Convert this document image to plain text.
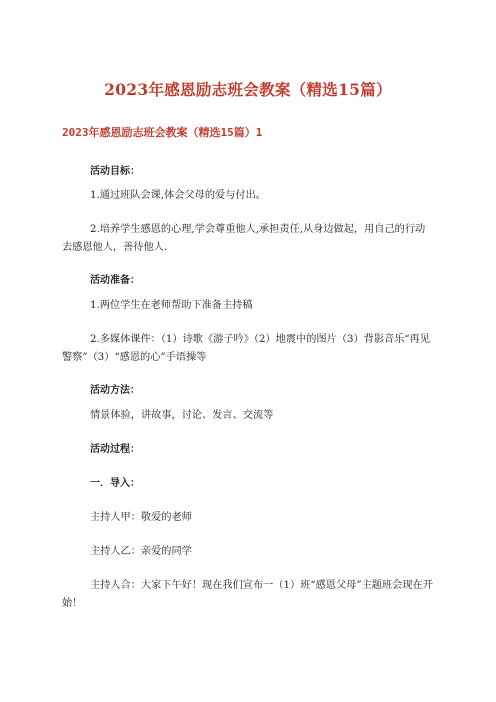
2023年感恩励志班会教案（精选15篇）
2023年感恩励志班会教案（精选15篇）1

活动目标：

1.通过班队会课,体会父母的爱与付出。

2.培养学生感恩的心理,学会尊重他人,承担责任,从身边做起，用自己的行动去感恩他人，善待他人.

活动准备：

1.两位学生在老师帮助下准备主持稿

2.多媒体课件：（1）诗歌《游子吟》（2）地震中的图片（3）背影音乐“再见警察”（3）“感恩的心”手语操等

活动方法：

情景体验，讲故事，讨论、发言、交流等

活动过程：

一．导入：

主持人甲：敬爱的老师

主持人乙：亲爱的同学

主持人合：大家下午好！现在我们宣布一（1）班“感恩父母”主题班会现在开始！
